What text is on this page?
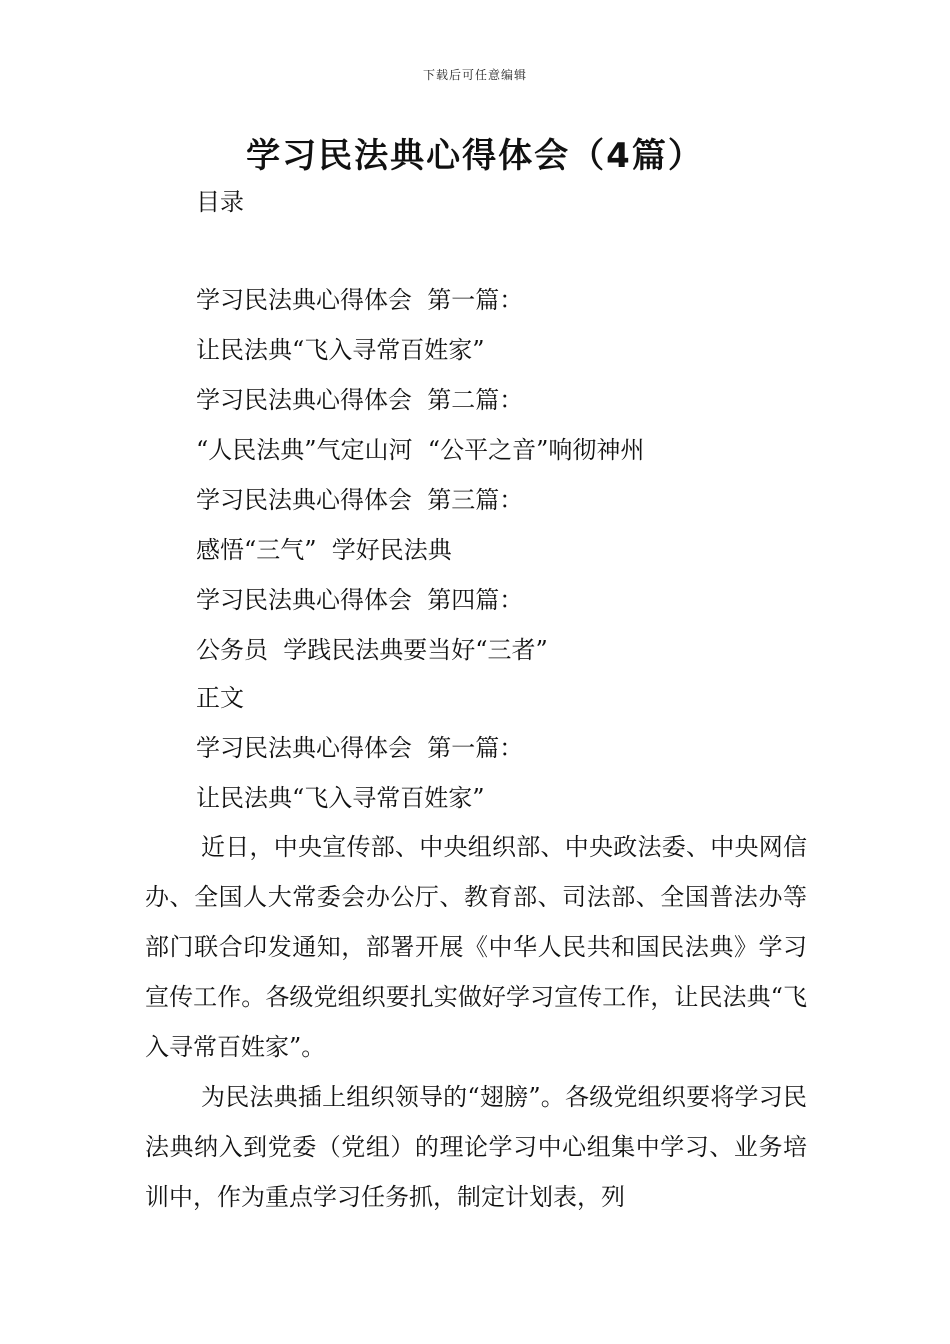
下载后可任意编辑
学习民法典心得体会（4篇）
目录
学习民法典心得体会  第一篇：
让民法典“飞入寻常百姓家”
学习民法典心得体会  第二篇：
“人民法典”气定山河  “公平之音”响彻神州
学习民法典心得体会  第三篇：
感悟“三气”  学好民法典
学习民法典心得体会  第四篇：
公务员  学践民法典要当好“三者”
正文
学习民法典心得体会  第一篇：
让民法典“飞入寻常百姓家”
近日，中央宣传部、中央组织部、中央政法委、中央网信办、全国人大常委会办公厅、教育部、司法部、全国普法办等部门联合印发通知，部署开展《中华人民共和国民法典》学习宣传工作。各级党组织要扎实做好学习宣传工作，让民法典“飞入寻常百姓家”。
为民法典插上组织领导的“翅膀”。各级党组织要将学习民法典纳入到党委（党组）的理论学习中心组集中学习、业务培训中，作为重点学习任务抓，制定计划表，列
